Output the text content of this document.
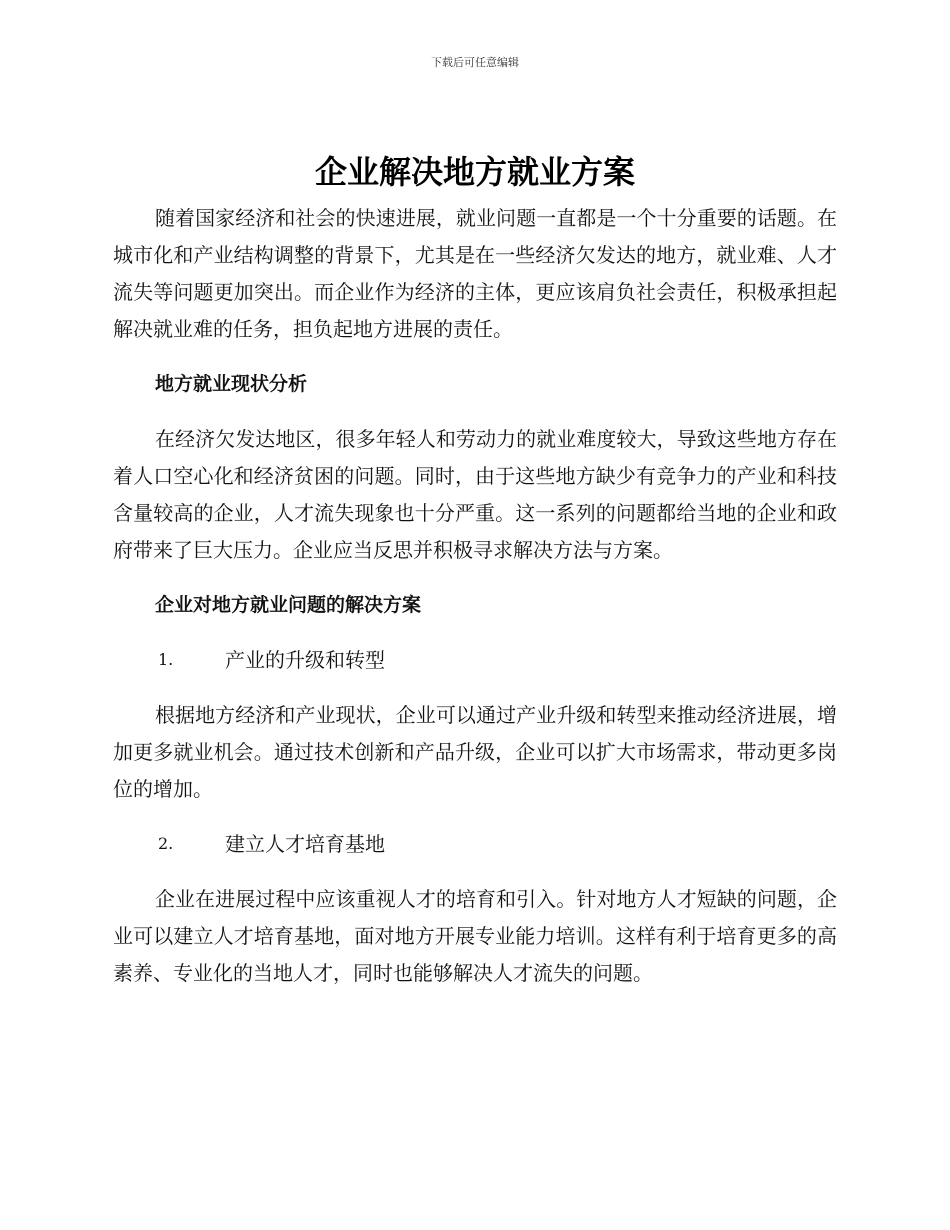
下载后可任意编辑
企业解决地方就业方案

随着国家经济和社会的快速进展，就业问题一直都是一个十分重要的话题。在城市化和产业结构调整的背景下，尤其是在一些经济欠发达的地方，就业难、人才流失等问题更加突出。而企业作为经济的主体，更应该肩负社会责任，积极承担起解决就业难的任务，担负起地方进展的责任。

地方就业现状分析

在经济欠发达地区，很多年轻人和劳动力的就业难度较大，导致这些地方存在着人口空心化和经济贫困的问题。同时，由于这些地方缺少有竞争力的产业和科技含量较高的企业，人才流失现象也十分严重。这一系列的问题都给当地的企业和政府带来了巨大压力。企业应当反思并积极寻求解决方法与方案。

企业对地方就业问题的解决方案
1.	产业的升级和转型

根据地方经济和产业现状，企业可以通过产业升级和转型来推动经济进展，增加更多就业机会。通过技术创新和产品升级，企业可以扩大市场需求，带动更多岗位的增加。

2.	建立人才培育基地

企业在进展过程中应该重视人才的培育和引入。针对地方人才短缺的问题，企业可以建立人才培育基地，面对地方开展专业能力培训。这样有利于培育更多的高素养、专业化的当地人才，同时也能够解决人才流失的问题。
